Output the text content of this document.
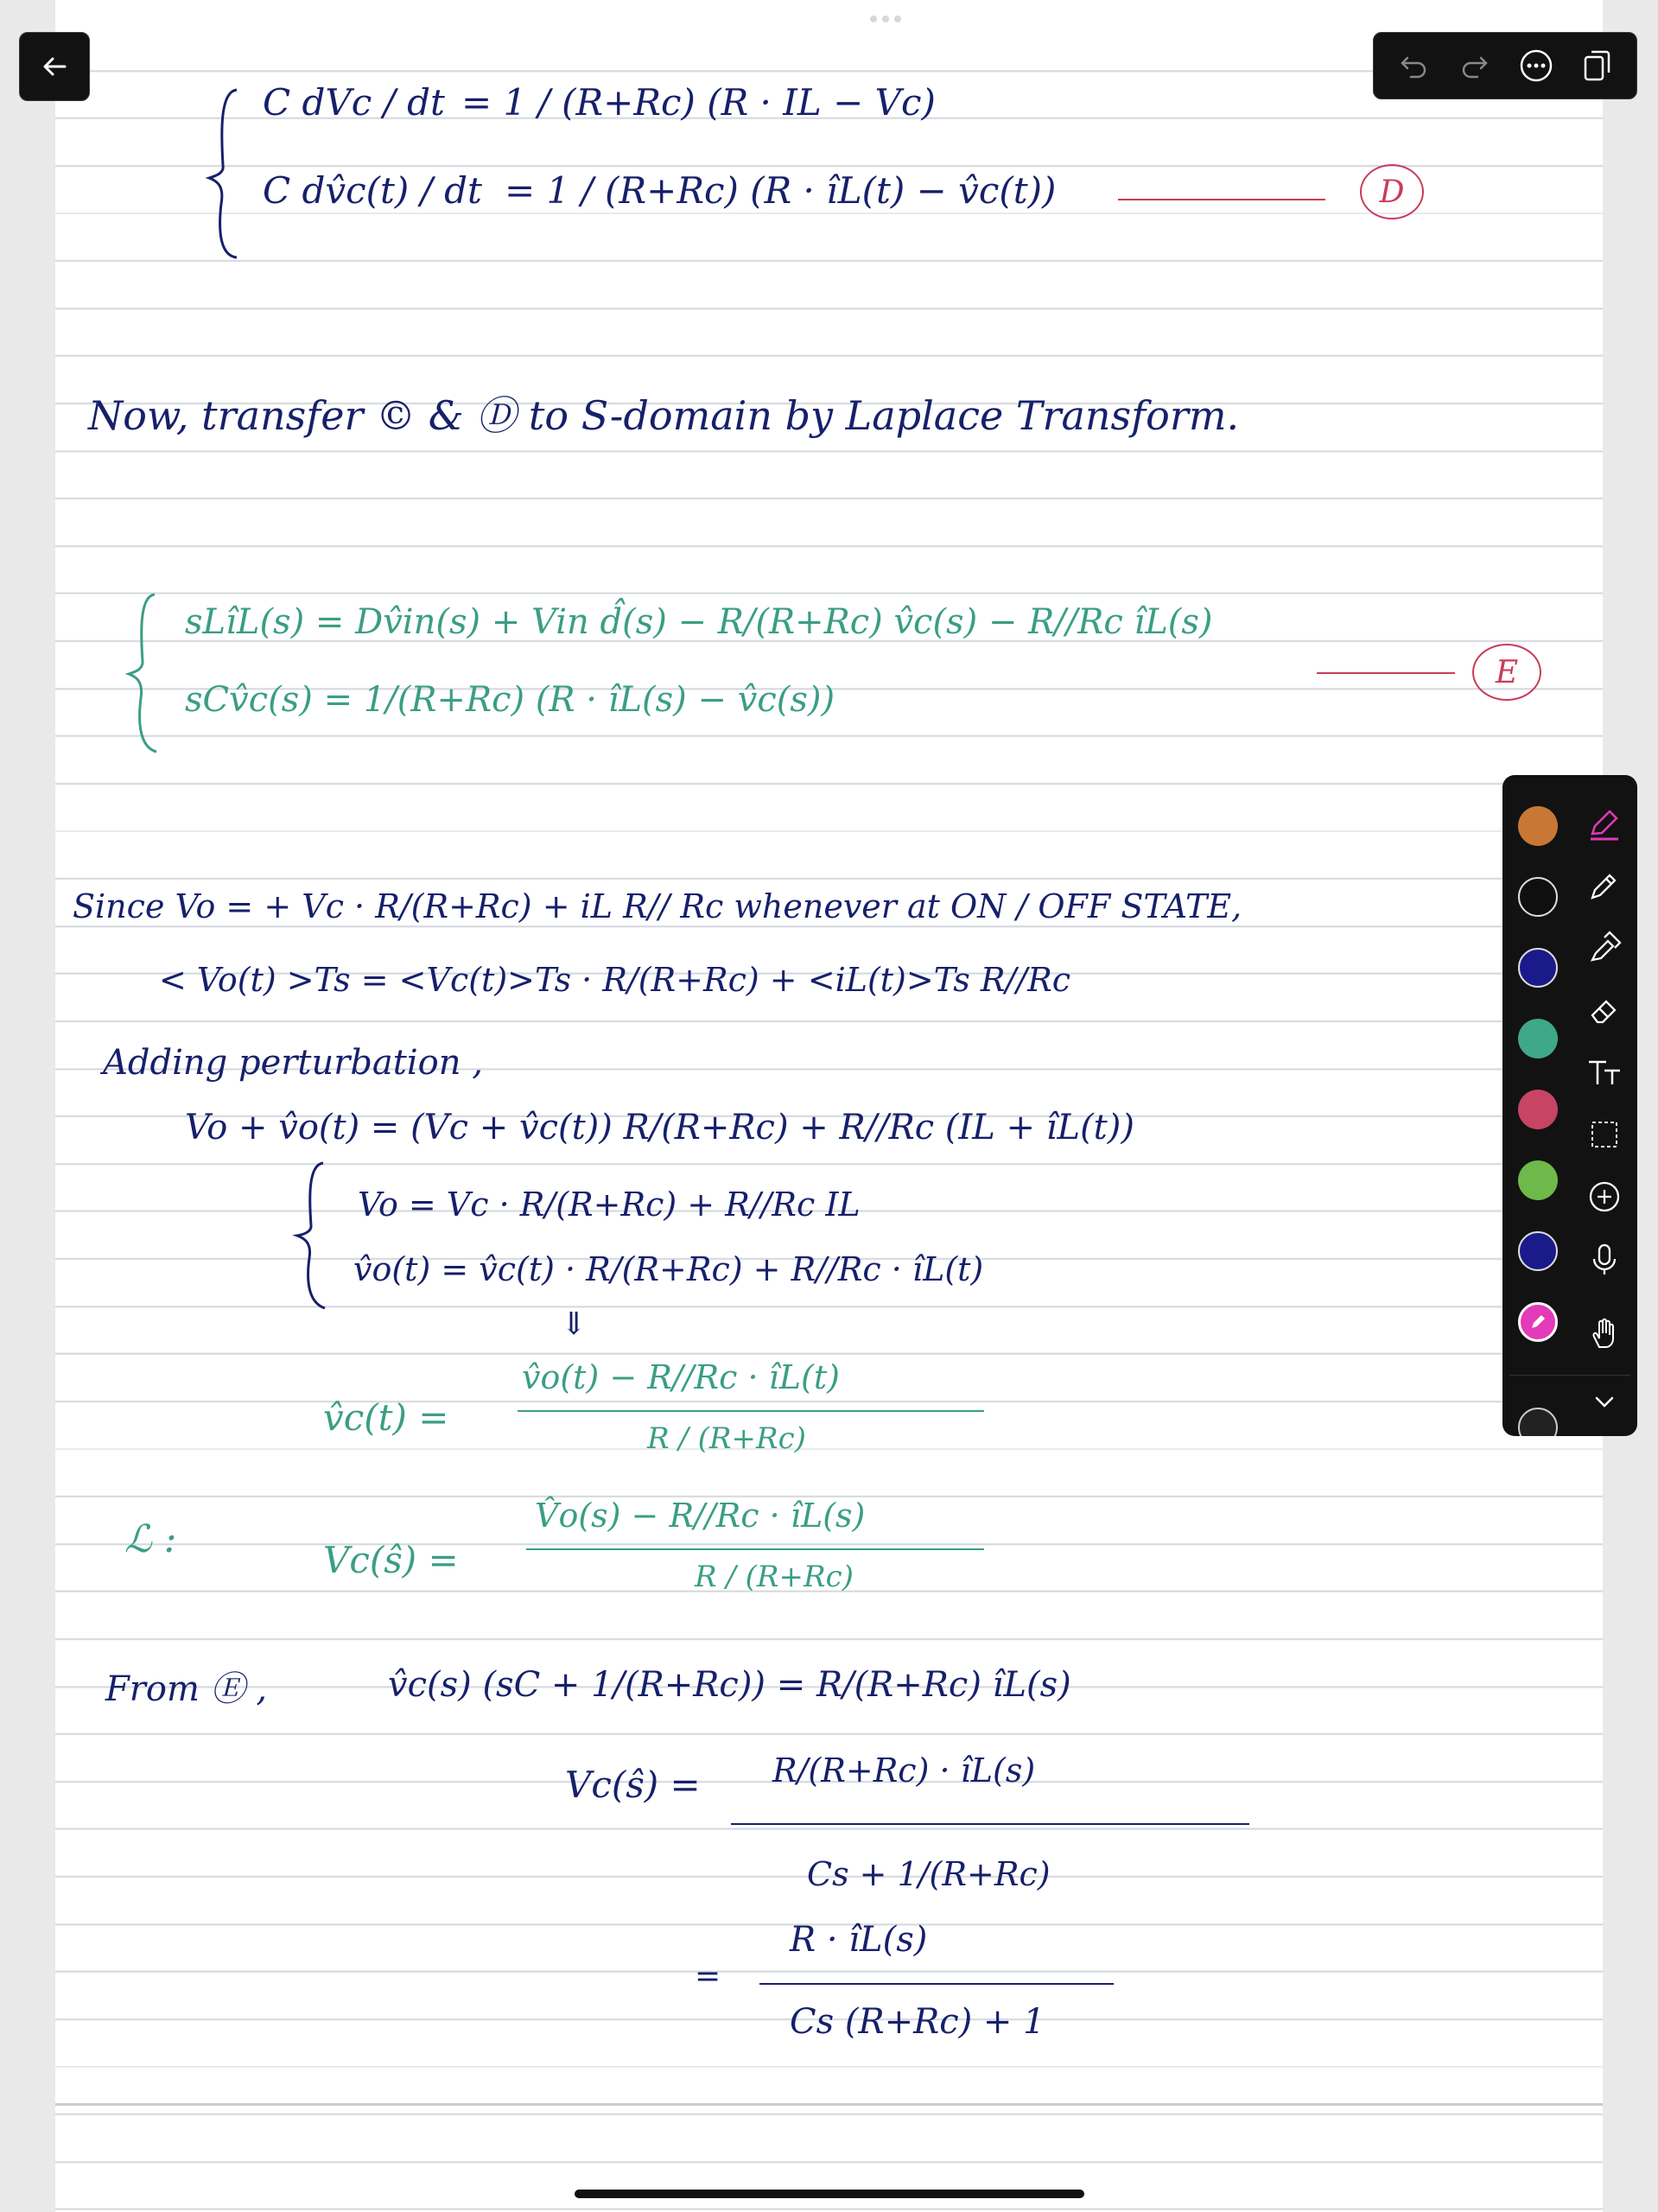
C dVc / dt = 1 / (R+Rc) (R · IL − Vc)
C dv̂c(t) / dt = 1 / (R+Rc) (R · îL(t) − v̂c(t))	D
Now, transfer © & Ⓓ to S-domain by Laplace Transform.
sLîL(s) = Dv̂in(s) + Vin d̂(s) − R/(R+Rc) v̂c(s) − R//Rc îL(s)
sCv̂c(s) = 1/(R+Rc) (R · îL(s) − v̂c(s))
E
Since Vo = + Vc · R/(R+Rc) + iL R// Rc whenever at ON / OFF STATE,
< Vo(t) >Ts = <Vc(t)>Ts · R/(R+Rc) + <iL(t)>Ts R//Rc
Adding perturbation ,
Vo + v̂o(t) = (Vc + v̂c(t)) R/(R+Rc) + R//Rc (IL + îL(t))
Vo = Vc · R/(R+Rc) + R//Rc IL
v̂o(t) = v̂c(t) · R/(R+Rc) + R//Rc · îL(t)
⇓
v̂c(t) =
v̂o(t) − R//Rc · îL(t)
R / (R+Rc)
ℒ :	Vc(ŝ) =
V̂o(s) − R//Rc · îL(s)
R / (R+Rc)
From Ⓔ ,	v̂c(s) (sC + 1/(R+Rc)) = R/(R+Rc) îL(s)
Vc(ŝ) = R/(R+Rc) · îL(s)
Cs + 1/(R+Rc)
=
R · îL(s)
Cs (R+Rc) + 1
